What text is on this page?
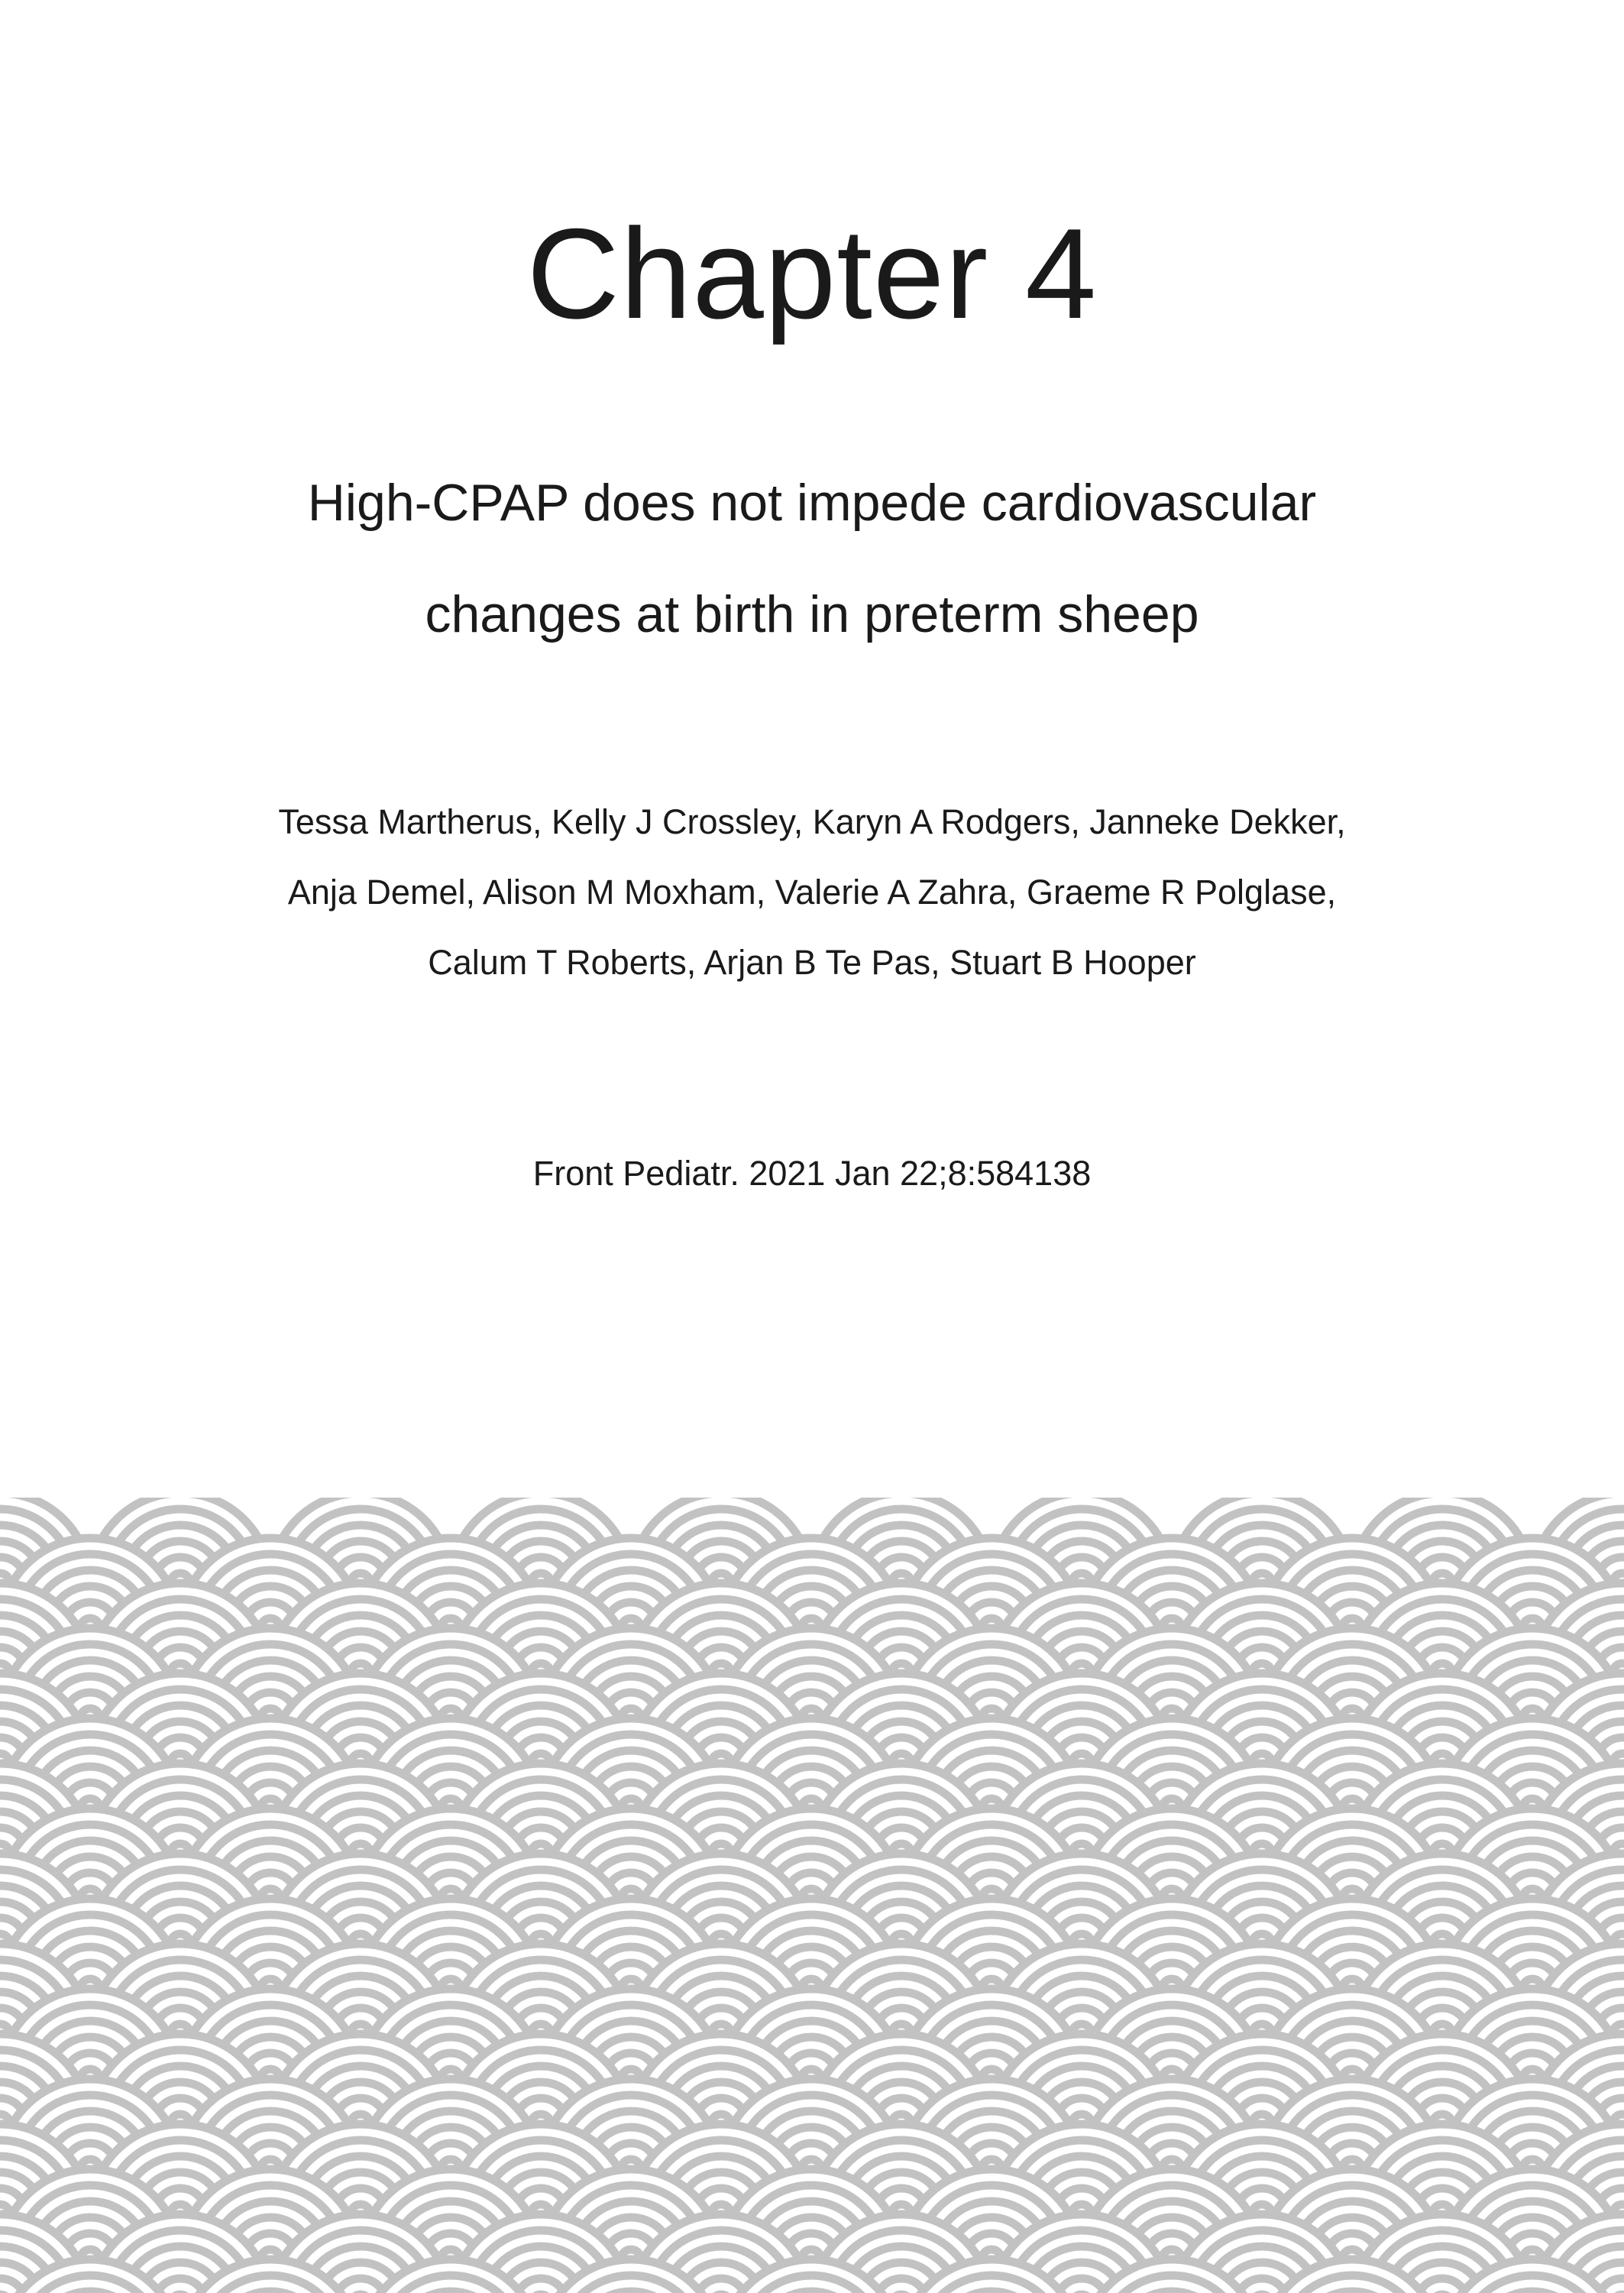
Chapter 4
High-CPAP does not impede cardiovascular
changes at birth in preterm sheep

Tessa Martherus, Kelly J Crossley, Karyn A Rodgers, Janneke Dekker,
Anja Demel, Alison M Moxham, Valerie A Zahra, Graeme R Polglase,
Calum T Roberts, Arjan B Te Pas, Stuart B Hooper

Front Pediatr. 2021 Jan 22;8:584138
